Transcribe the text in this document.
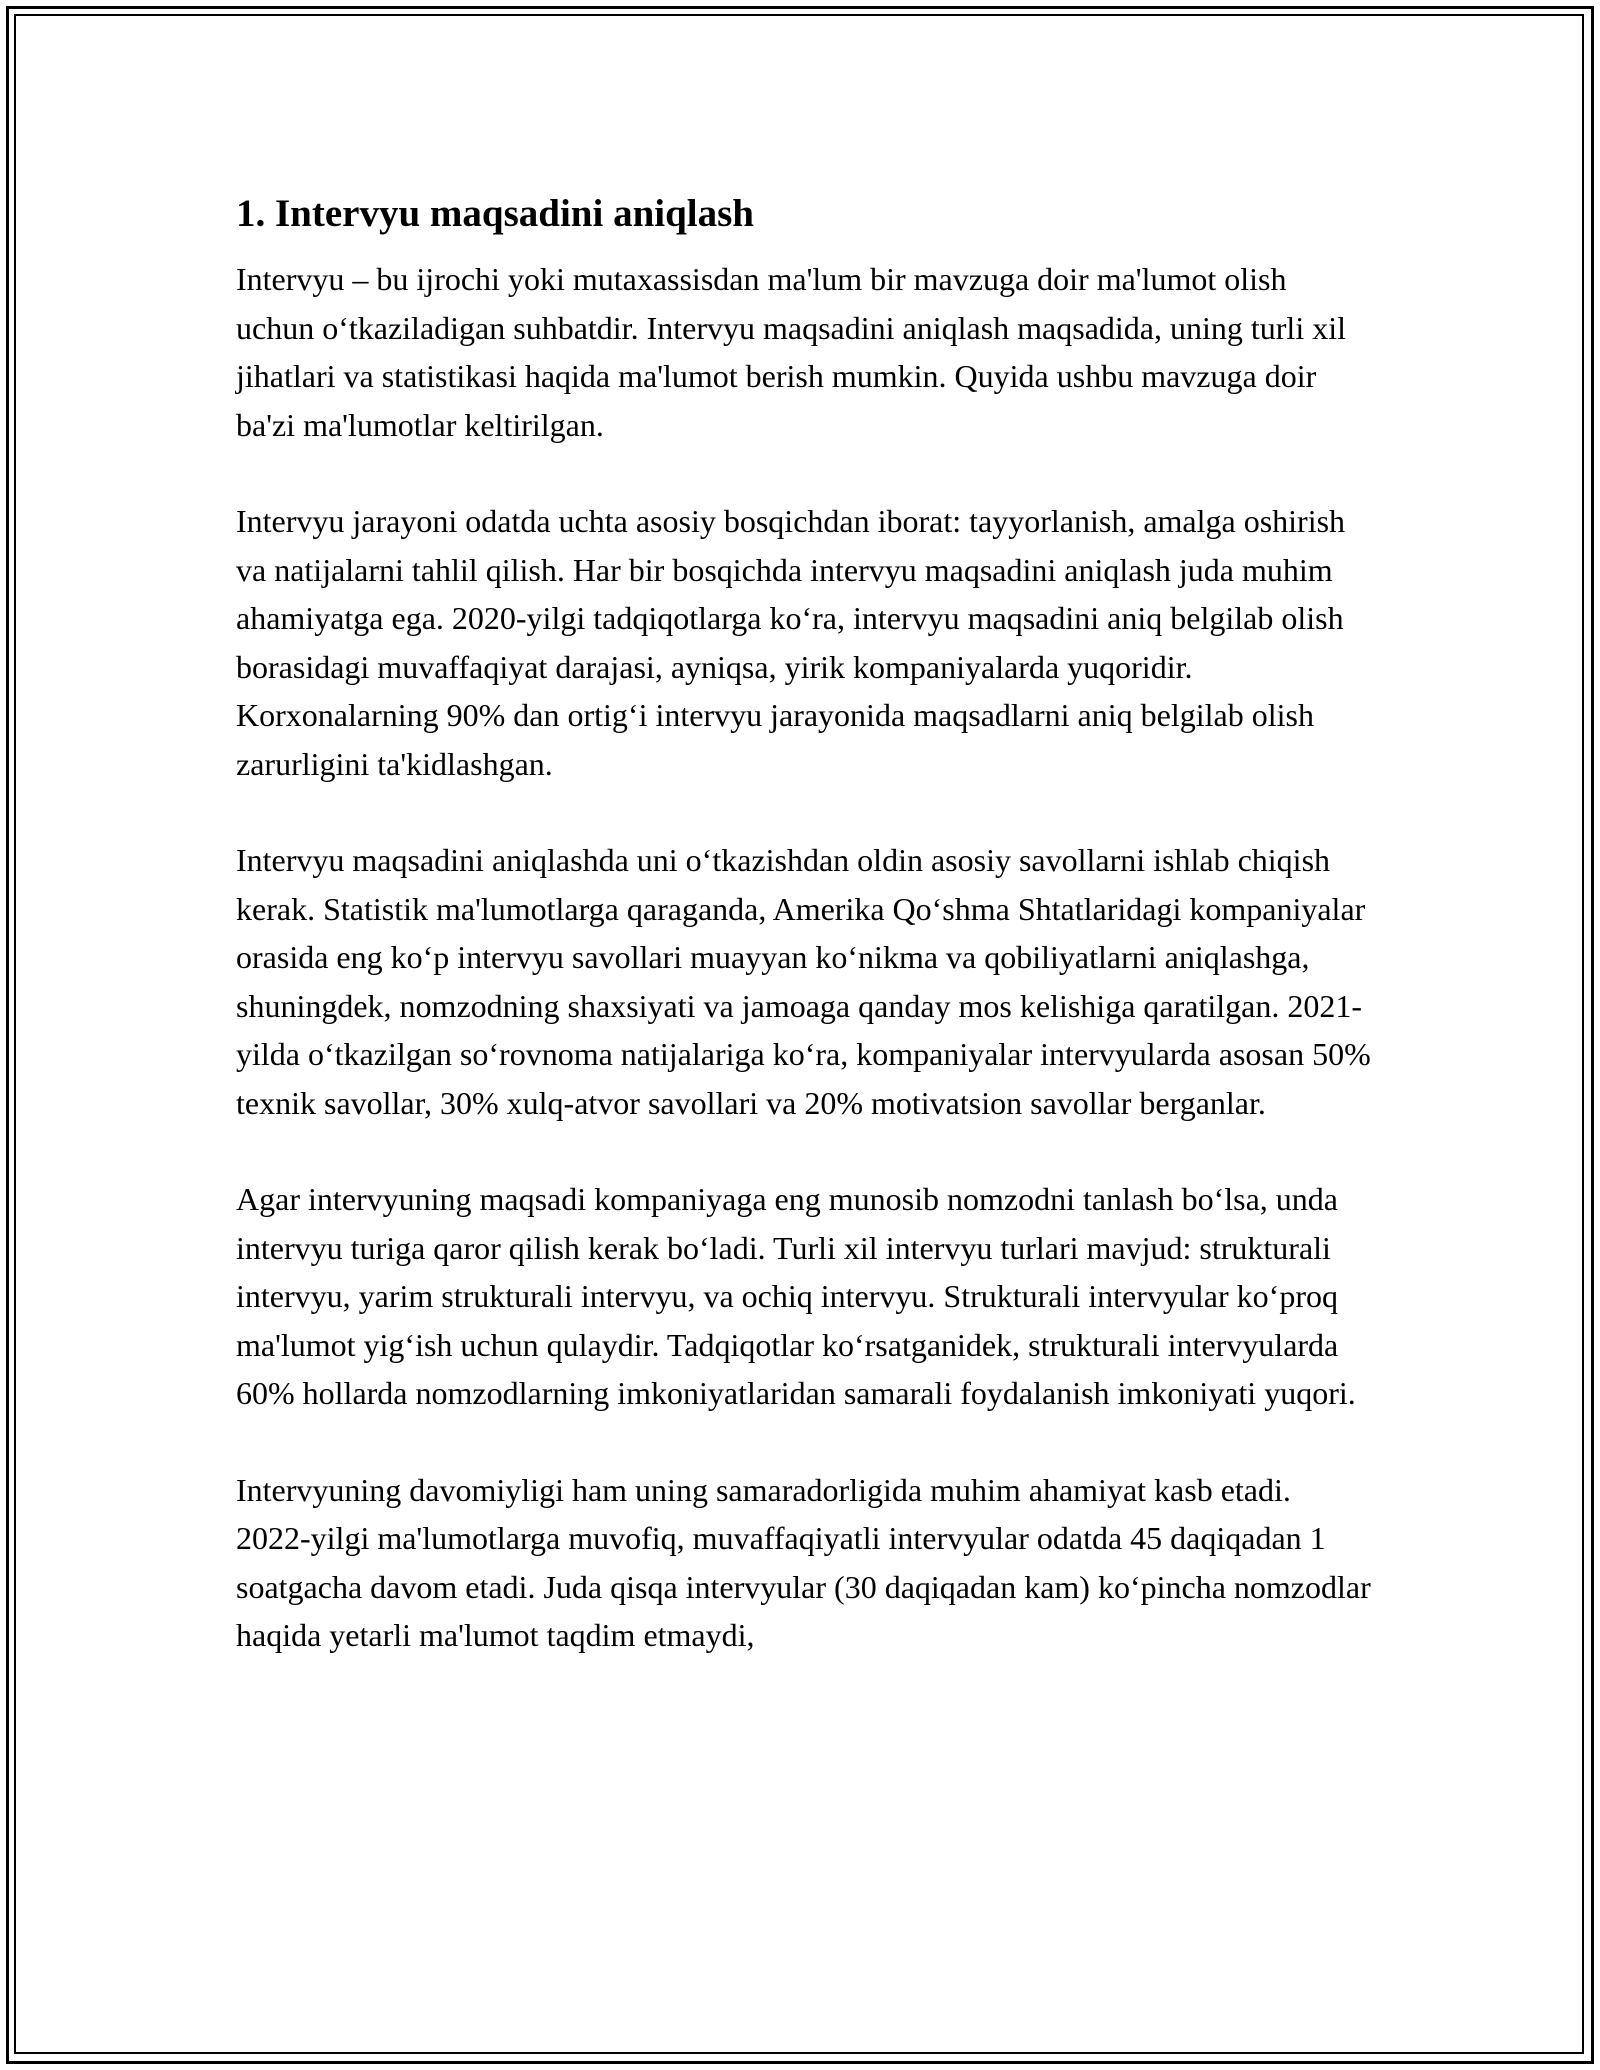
1. Intervyu maqsadini aniqlash
Intervyu – bu ijrochi yoki mutaxassisdan ma'lum bir mavzuga doir ma'lumot olish uchun oʻtkaziladigan suhbatdir. Intervyu maqsadini aniqlash maqsadida, uning turli xil jihatlari va statistikasi haqida ma'lumot berish mumkin. Quyida ushbu mavzuga doir ba'zi ma'lumotlar keltirilgan.
Intervyu jarayoni odatda uchta asosiy bosqichdan iborat: tayyorlanish, amalga oshirish va natijalarni tahlil qilish. Har bir bosqichda intervyu maqsadini aniqlash juda muhim ahamiyatga ega. 2020-yilgi tadqiqotlarga koʻra, intervyu maqsadini aniq belgilab olish borasidagi muvaffaqiyat darajasi, ayniqsa, yirik kompaniyalarda yuqoridir. Korxonalarning 90% dan ortigʻi intervyu jarayonida maqsadlarni aniq belgilab olish zarurligini ta'kidlashgan.
Intervyu maqsadini aniqlashda uni oʻtkazishdan oldin asosiy savollarni ishlab chiqish kerak. Statistik ma'lumotlarga qaraganda, Amerika Qoʻshma Shtatlaridagi kompaniyalar orasida eng koʻp intervyu savollari muayyan koʻnikma va qobiliyatlarni aniqlashga, shuningdek, nomzodning shaxsiyati va jamoaga qanday mos kelishiga qaratilgan. 2021-yilda oʻtkazilgan soʻrovnoma natijalariga koʻra, kompaniyalar intervyularda asosan 50% texnik savollar, 30% xulq-atvor savollari va 20% motivatsion savollar berganlar.
Agar intervyuning maqsadi kompaniyaga eng munosib nomzodni tanlash boʻlsa, unda intervyu turiga qaror qilish kerak boʻladi. Turli xil intervyu turlari mavjud: strukturali intervyu, yarim strukturali intervyu, va ochiq intervyu. Strukturali intervyular koʻproq ma'lumot yigʻish uchun qulaydir. Tadqiqotlar koʻrsatganidek, strukturali intervyularda 60% hollarda nomzodlarning imkoniyatlaridan samarali foydalanish imkoniyati yuqori.
Intervyuning davomiyligi ham uning samaradorligida muhim ahamiyat kasb etadi. 2022-yilgi ma'lumotlarga muvofiq, muvaffaqiyatli intervyular odatda 45 daqiqadan 1 soatgacha davom etadi. Juda qisqa intervyular (30 daqiqadan kam) koʻpincha nomzodlar haqida yetarli ma'lumot taqdim etmaydi,
